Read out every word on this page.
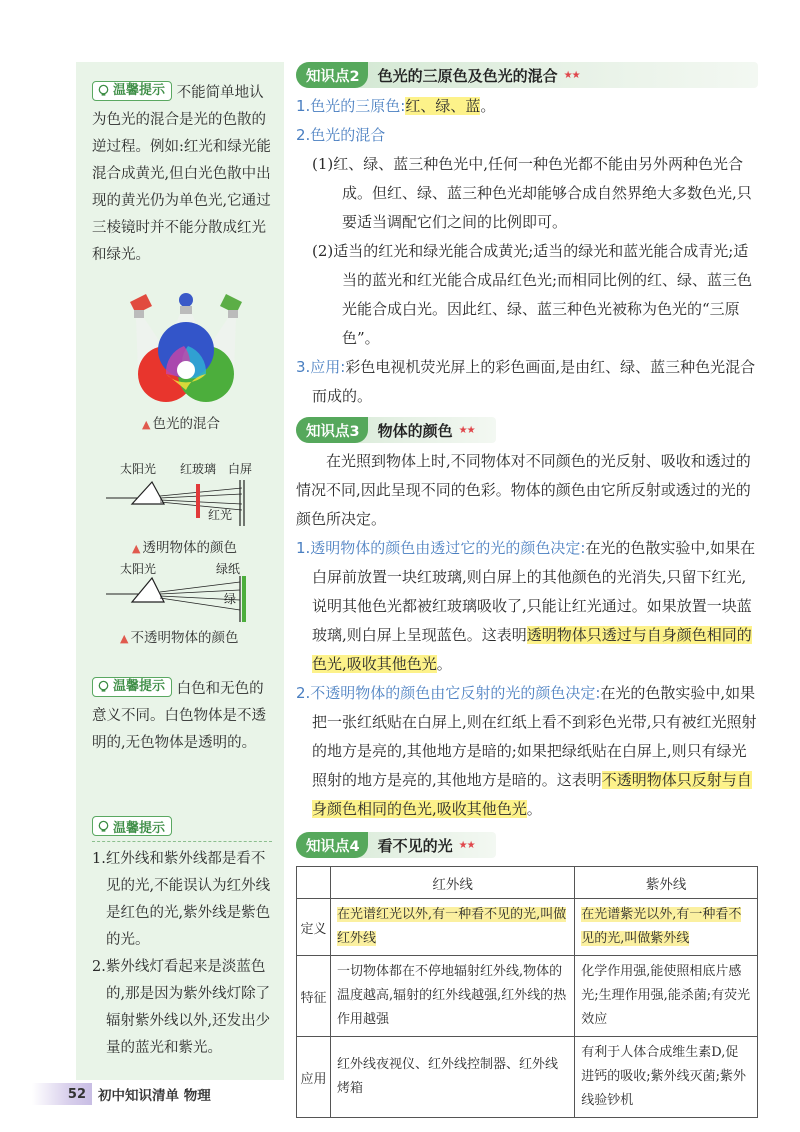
温馨提示 不能简单地认为色光的混合是光的色散的逆过程。例如:红光和绿光能混合成黄光,但白光色散中出现的黄光仍为单色光,它通过三棱镜时并不能分散成红光和绿光。
▲ 色光的混合
太阳光 红玻璃 白屏
红光
▲ 透明物体的颜色
太阳光	绿纸
绿
▲ 不透明物体的颜色
温馨提示 白色和无色的意义不同。白色物体是不透明的,无色物体是透明的。
温馨提示
1.红外线和紫外线都是看不见的光,不能误认为红外线是红色的光,紫外线是紫色的光。
2.紫外线灯看起来是淡蓝色的,那是因为紫外线灯除了辐射紫外线以外,还发出少量的蓝光和紫光。
知识点2	色光的三原色及色光的混合 ★★
1.色光的三原色:红、绿、蓝。
2.色光的混合
(1)红、绿、蓝三种色光中,任何一种色光都不能由另外两种色光合成。但红、绿、蓝三种色光却能够合成自然界绝大多数色光,只要适当调配它们之间的比例即可。
(2)适当的红光和绿光能合成黄光;适当的绿光和蓝光能合成青光;适当的蓝光和红光能合成品红色光;而相同比例的红、绿、蓝三色光能合成白光。因此红、绿、蓝三种色光被称为色光的“三原色”。
3.应用:彩色电视机荧光屏上的彩色画面,是由红、绿、蓝三种色光混合而成的。
知识点3	物体的颜色 ★★
在光照到物体上时,不同物体对不同颜色的光反射、吸收和透过的情况不同,因此呈现不同的色彩。物体的颜色由它所反射或透过的光的颜色所决定。
1.透明物体的颜色由透过它的光的颜色决定:在光的色散实验中,如果在白屏前放置一块红玻璃,则白屏上的其他颜色的光消失,只留下红光,说明其他色光都被红玻璃吸收了,只能让红光通过。如果放置一块蓝玻璃,则白屏上呈现蓝色。这表明透明物体只透过与自身颜色相同的色光,吸收其他色光。
2.不透明物体的颜色由它反射的光的颜色决定:在光的色散实验中,如果把一张红纸贴在白屏上,则在红纸上看不到彩色光带,只有被红光照射的地方是亮的,其他地方是暗的;如果把绿纸贴在白屏上,则只有绿光照射的地方是亮的,其他地方是暗的。这表明不透明物体只反射与自身颜色相同的色光,吸收其他色光。
知识点4	看不见的光 ★★
	红外线	紫外线
定义	在光谱红光以外,有一种看不见的光,叫做红外线	在光谱紫光以外,有一种看不见的光,叫做紫外线
特征	一切物体都在不停地辐射红外线,物体的温度越高,辐射的红外线越强,红外线的热作用越强	化学作用强,能使照相底片感光;生理作用强,能杀菌;有荧光效应
应用	红外线夜视仪、红外线控制器、红外线烤箱	有利于人体合成维生素D,促进钙的吸收;紫外线灭菌;紫外线验钞机
52 初中知识清单 物理
